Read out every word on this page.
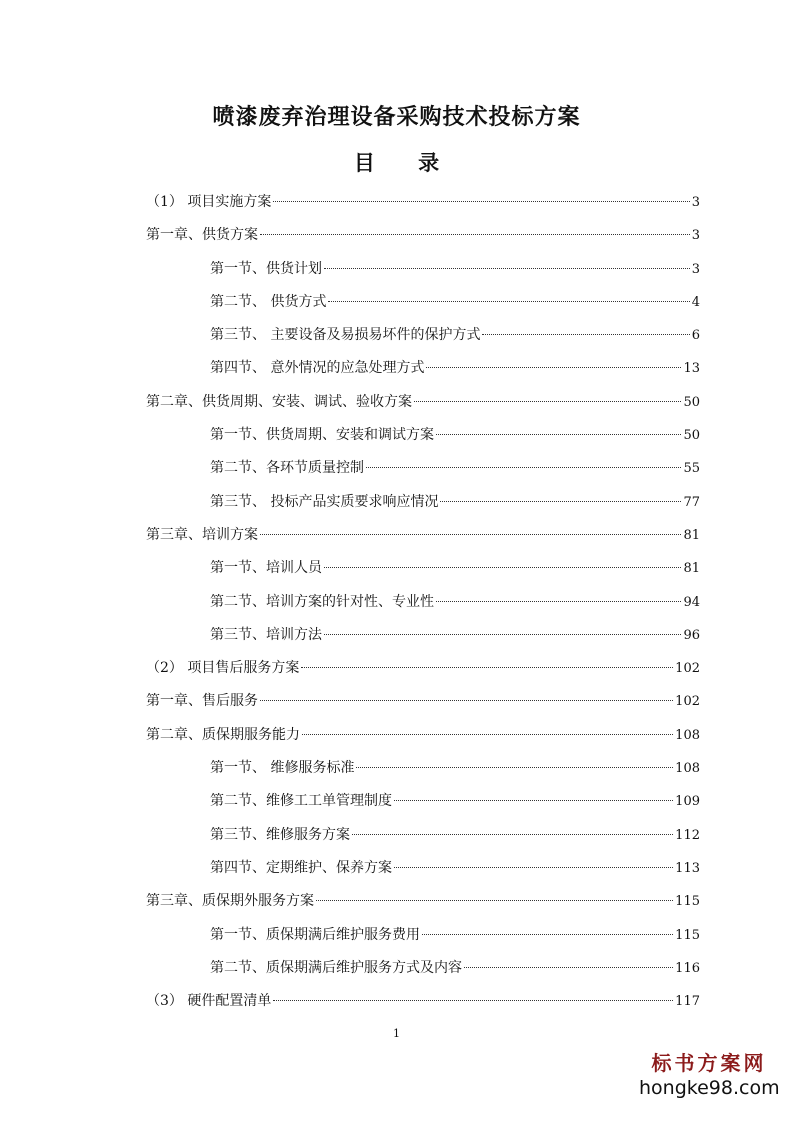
喷漆废弃治理设备采购技术投标方案
目 录
（1） 项目实施方案	3
第一章、供货方案	3
第一节、供货计划	3
第二节、 供货方式	4
第三节、 主要设备及易损易坏件的保护方式	6
第四节、 意外情况的应急处理方式	13
第二章、供货周期、安装、调试、验收方案	50
第一节、供货周期、安装和调试方案	50
第二节、各环节质量控制	55
第三节、 投标产品实质要求响应情况	77
第三章、培训方案	81
第一节、培训人员	81
第二节、培训方案的针对性、专业性	94
第三节、培训方法	96
（2） 项目售后服务方案	102
第一章、售后服务	102
第二章、质保期服务能力	108
第一节、 维修服务标准	108
第二节、维修工工单管理制度	109
第三节、维修服务方案	112
第四节、定期维护、保养方案	113
第三章、质保期外服务方案	115
第一节、质保期满后维护服务费用	115
第二节、质保期满后维护服务方式及内容	116
（3） 硬件配置清单	117
1
标书方案网
hongke98.com
